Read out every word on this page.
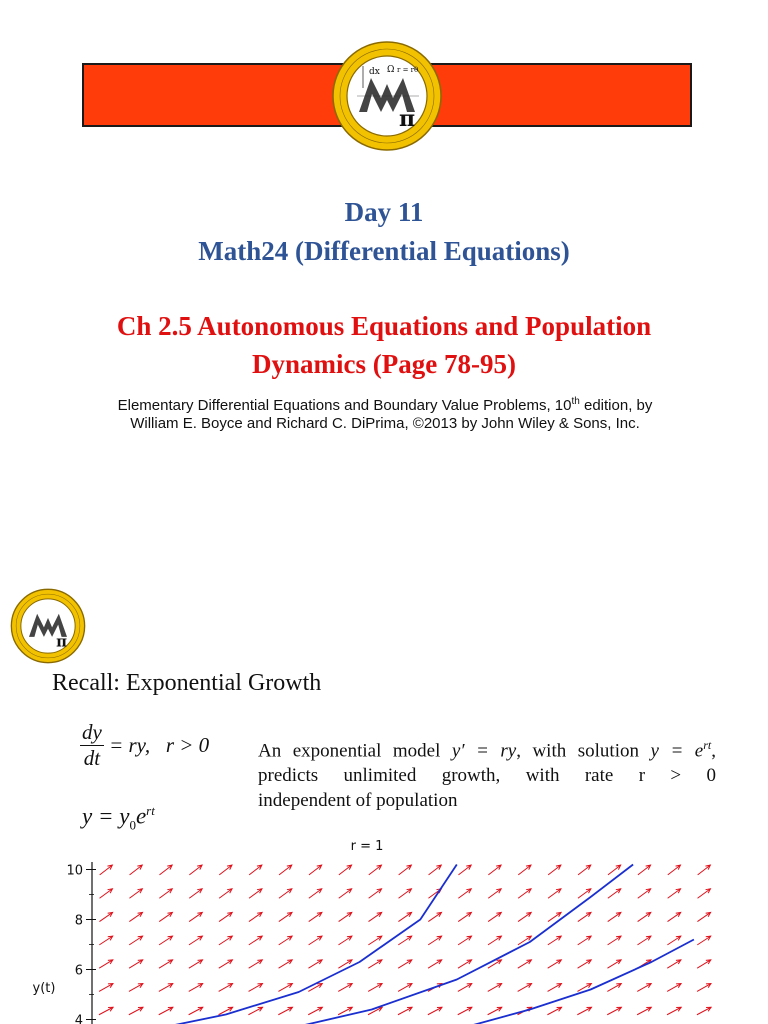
π
dx Ω r = rθ
Day 11
Math24 (Differential Equations)
Ch 2.5 Autonomous Equations and Population
Dynamics (Page 78-95)
Elementary Differential Equations and Boundary Value Problems, 10th edition, by
William E. Boyce and Richard C. DiPrima, ©2013 by John Wiley & Sons, Inc.
π
Recall: Exponential Growth
$\frac{dy}{dt}$ = ry,   r > 0
$y = y_0e^{rt}$
An exponential model y′ = ry, with solution $y = e^{rt}$,
predicts unlimited growth, with rate r > 0
independent of population
r = 1
y(t)
10
8
6
4
